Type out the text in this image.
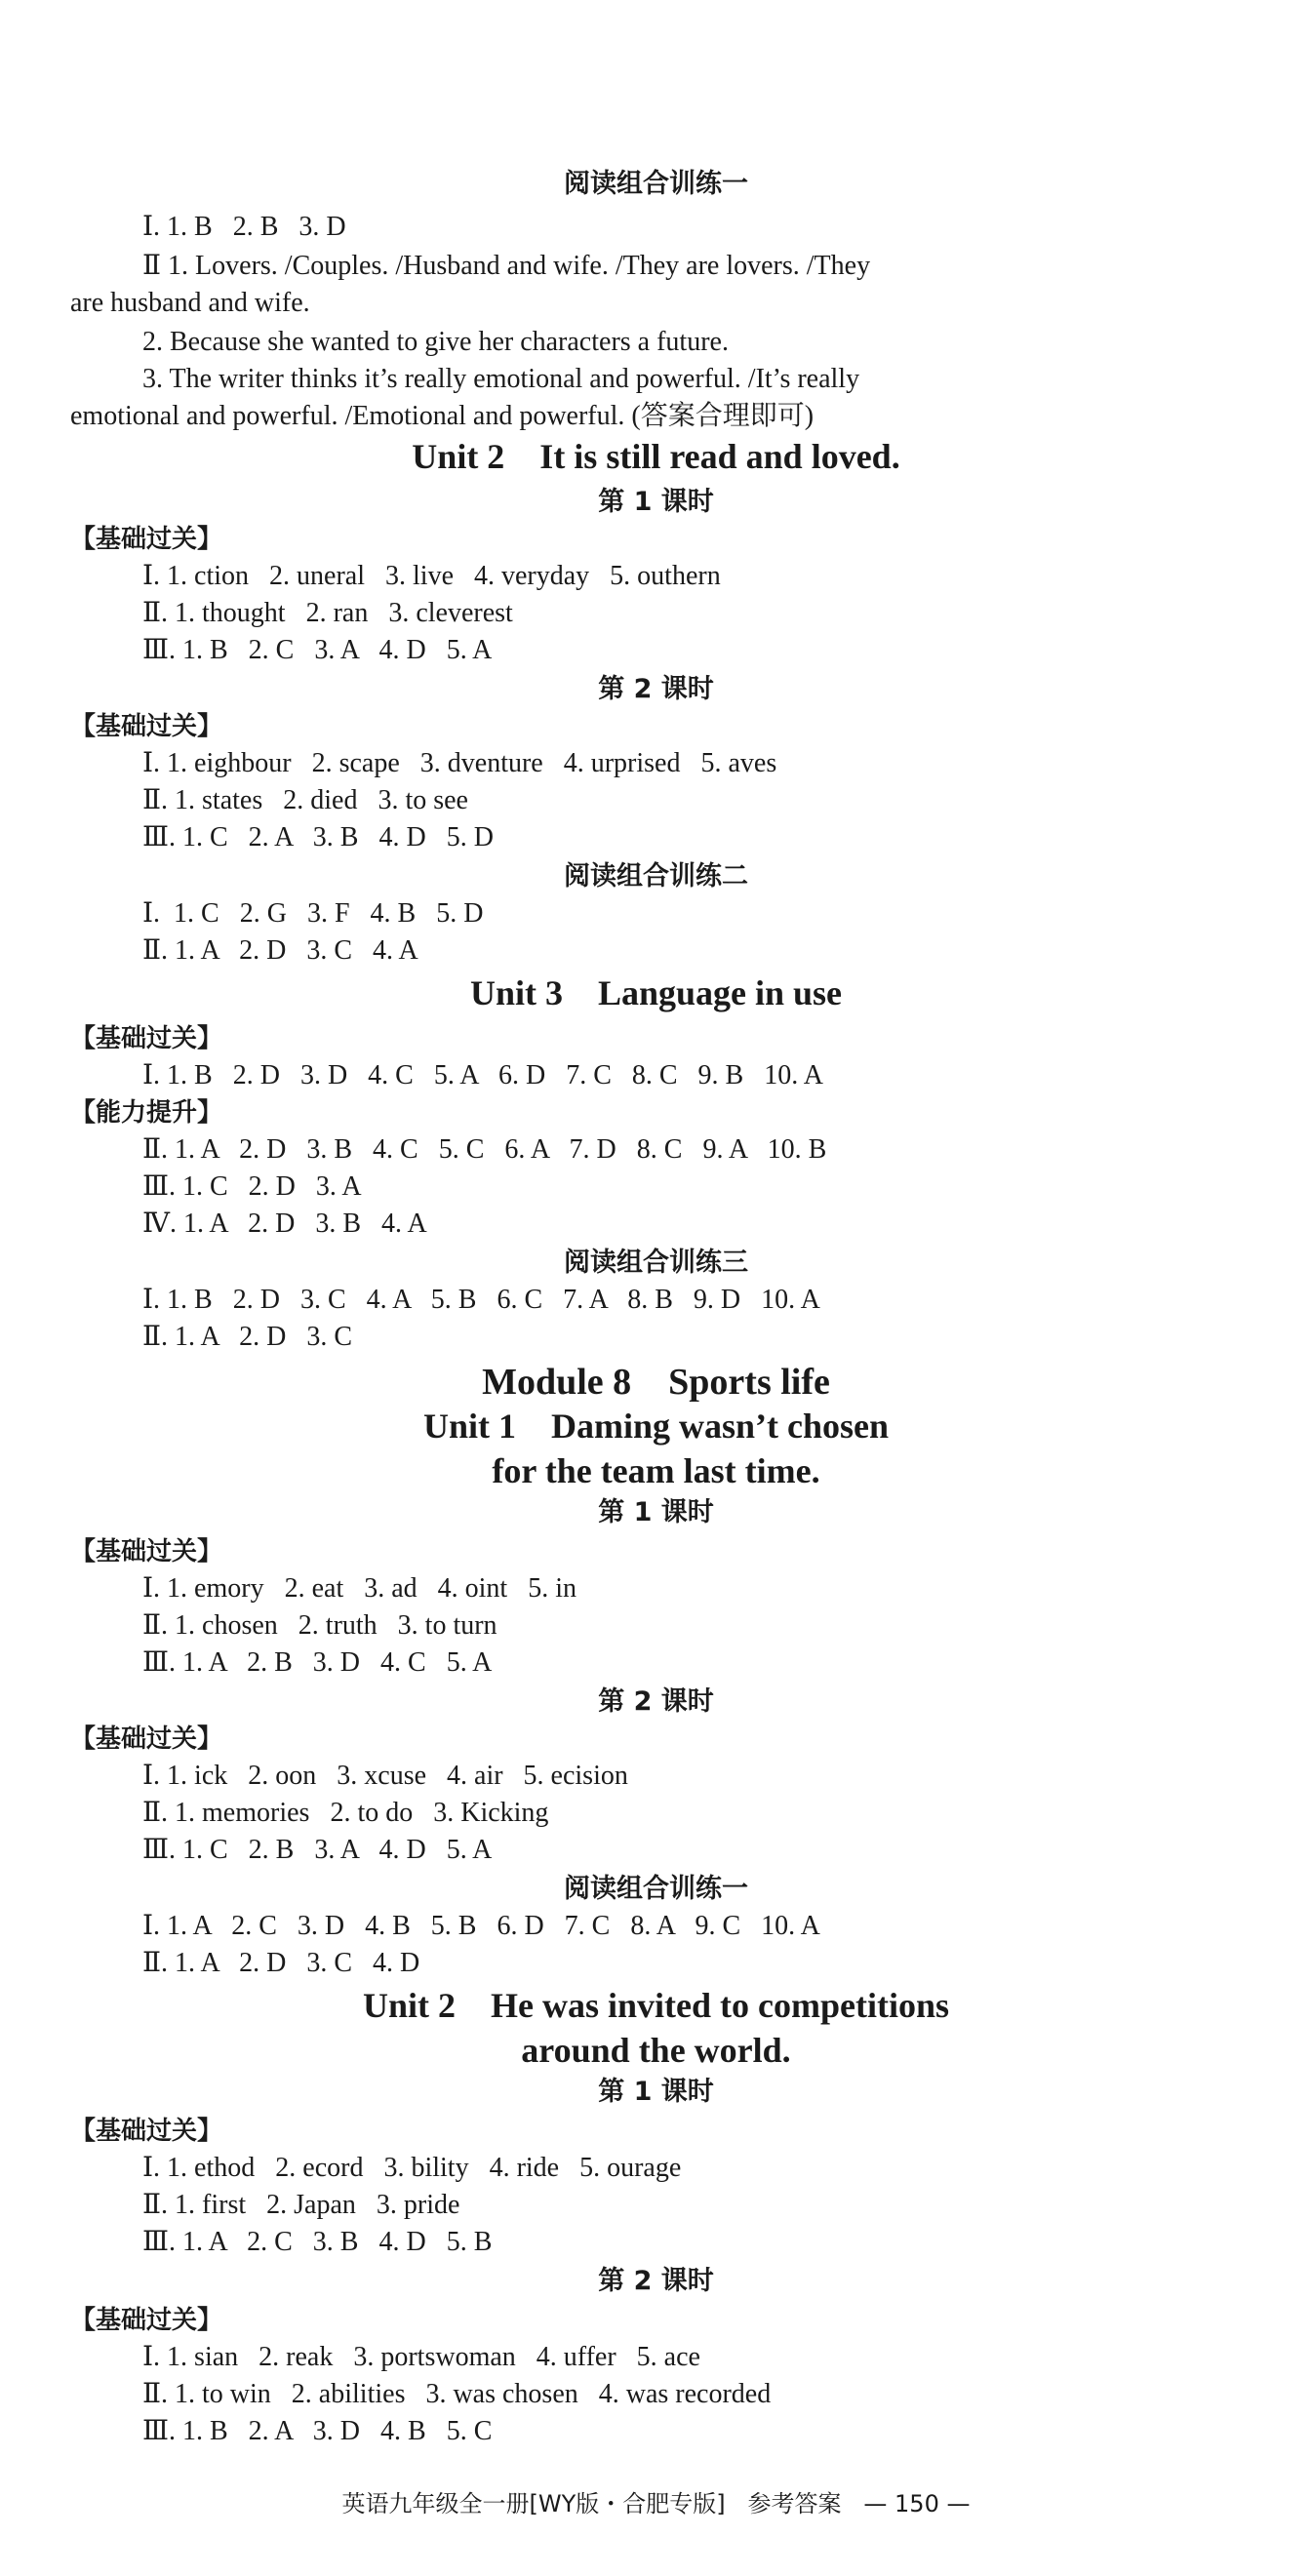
阅读组合训练一
Ⅰ. 1. B   2. B   3. D
Ⅱ 1. Lovers. /Couples. /Husband and wife. /They are lovers. /They
are husband and wife.
2. Because she wanted to give her characters a future.
3. The writer thinks it’s really emotional and powerful. /It’s really
emotional and powerful. /Emotional and powerful. (答案合理即可)
Unit 2    It is still read and loved.
第 1 课时
【基础过关】
Ⅰ. 1. ction   2. uneral   3. live   4. veryday   5. outhern
Ⅱ. 1. thought   2. ran   3. cleverest
Ⅲ. 1. B   2. C   3. A   4. D   5. A
第 2 课时
【基础过关】
Ⅰ. 1. eighbour   2. scape   3. dventure   4. urprised   5. aves
Ⅱ. 1. states   2. died   3. to see
Ⅲ. 1. C   2. A   3. B   4. D   5. D
阅读组合训练二
Ⅰ.  1. C   2. G   3. F   4. B   5. D
Ⅱ. 1. A   2. D   3. C   4. A
Unit 3    Language in use
【基础过关】
Ⅰ. 1. B   2. D   3. D   4. C   5. A   6. D   7. C   8. C   9. B   10. A
【能力提升】
Ⅱ. 1. A   2. D   3. B   4. C   5. C   6. A   7. D   8. C   9. A   10. B
Ⅲ. 1. C   2. D   3. A
Ⅳ. 1. A   2. D   3. B   4. A
阅读组合训练三
Ⅰ. 1. B   2. D   3. C   4. A   5. B   6. C   7. A   8. B   9. D   10. A
Ⅱ. 1. A   2. D   3. C
Module 8    Sports life
Unit 1    Daming wasn’t chosen
for the team last time.
第 1 课时
【基础过关】
Ⅰ. 1. emory   2. eat   3. ad   4. oint   5. in
Ⅱ. 1. chosen   2. truth   3. to turn
Ⅲ. 1. A   2. B   3. D   4. C   5. A
第 2 课时
【基础过关】
Ⅰ. 1. ick   2. oon   3. xcuse   4. air   5. ecision
Ⅱ. 1. memories   2. to do   3. Kicking
Ⅲ. 1. C   2. B   3. A   4. D   5. A
阅读组合训练一
Ⅰ. 1. A   2. C   3. D   4. B   5. B   6. D   7. C   8. A   9. C   10. A
Ⅱ. 1. A   2. D   3. C   4. D
Unit 2    He was invited to competitions
around the world.
第 1 课时
【基础过关】
Ⅰ. 1. ethod   2. ecord   3. bility   4. ride   5. ourage
Ⅱ. 1. first   2. Japan   3. pride
Ⅲ. 1. A   2. C   3. B   4. D   5. B
第 2 课时
【基础过关】
Ⅰ. 1. sian   2. reak   3. portswoman   4. uffer   5. ace
Ⅱ. 1. to win   2. abilities   3. was chosen   4. was recorded
Ⅲ. 1. B   2. A   3. D   4. B   5. C
英语九年级全一册[WY版・合肥专版]   参考答案   — 150 —
